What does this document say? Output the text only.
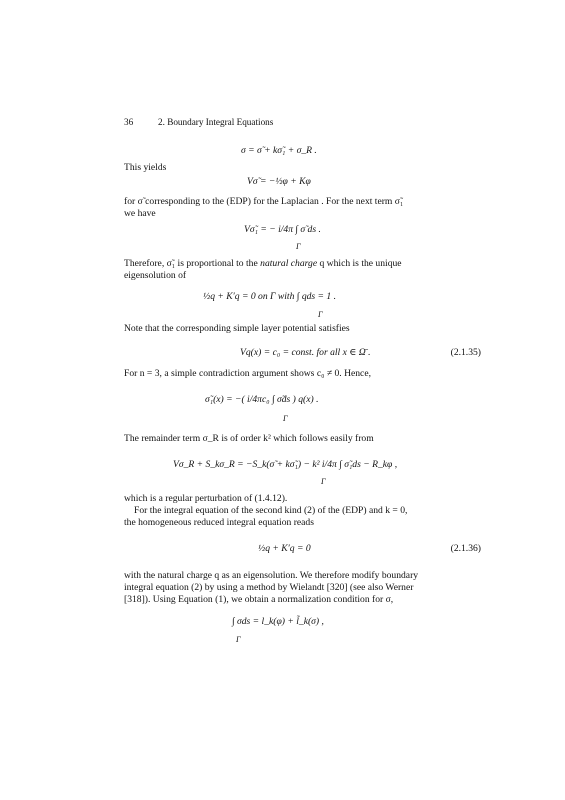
36	2. Boundary Integral Equations
σ = σ̃ + kσ̃₁ + σ_R .
This yields
Vσ̃ = −½φ + Kφ
for σ̃ corresponding to the (EDP) for the Laplacian . For the next term σ̃₁
we have
Vσ̃₁ = − i/4π ∫ σ̃ ds .
Γ
Therefore, σ̃₁ is proportional to the natural charge q which is the unique
eigensolution of
½q + K′q = 0 on Γ with ∫ qds = 1 .
Γ
Note that the corresponding simple layer potential satisfies
Vq(x) = c₀ = const. for all x ∈ Ω̄ .	(2.1.35)
For n = 3, a simple contradiction argument shows c₀ ≠ 0. Hence,
σ̃₁(x) = −( i/4πc₀ ∫ σ̃ds ) q(x) .
Γ
The remainder term σ_R is of order k² which follows easily from
Vσ_R + S_kσ_R = −S_k(σ̃ + kσ̃₁) − k² i/4π ∫ σ̃₁ds − R_kφ ,
Γ
which is a regular perturbation of (1.4.12).
For the integral equation of the second kind (2) of the (EDP) and k = 0,
the homogeneous reduced integral equation reads
½q + K′q = 0	(2.1.36)
with the natural charge q as an eigensolution. We therefore modify boundary
integral equation (2) by using a method by Wielandt [320] (see also Werner
[318]). Using Equation (1), we obtain a normalization condition for σ,
∫ σds = l_k(φ) + l̃_k(σ) ,
Γ
